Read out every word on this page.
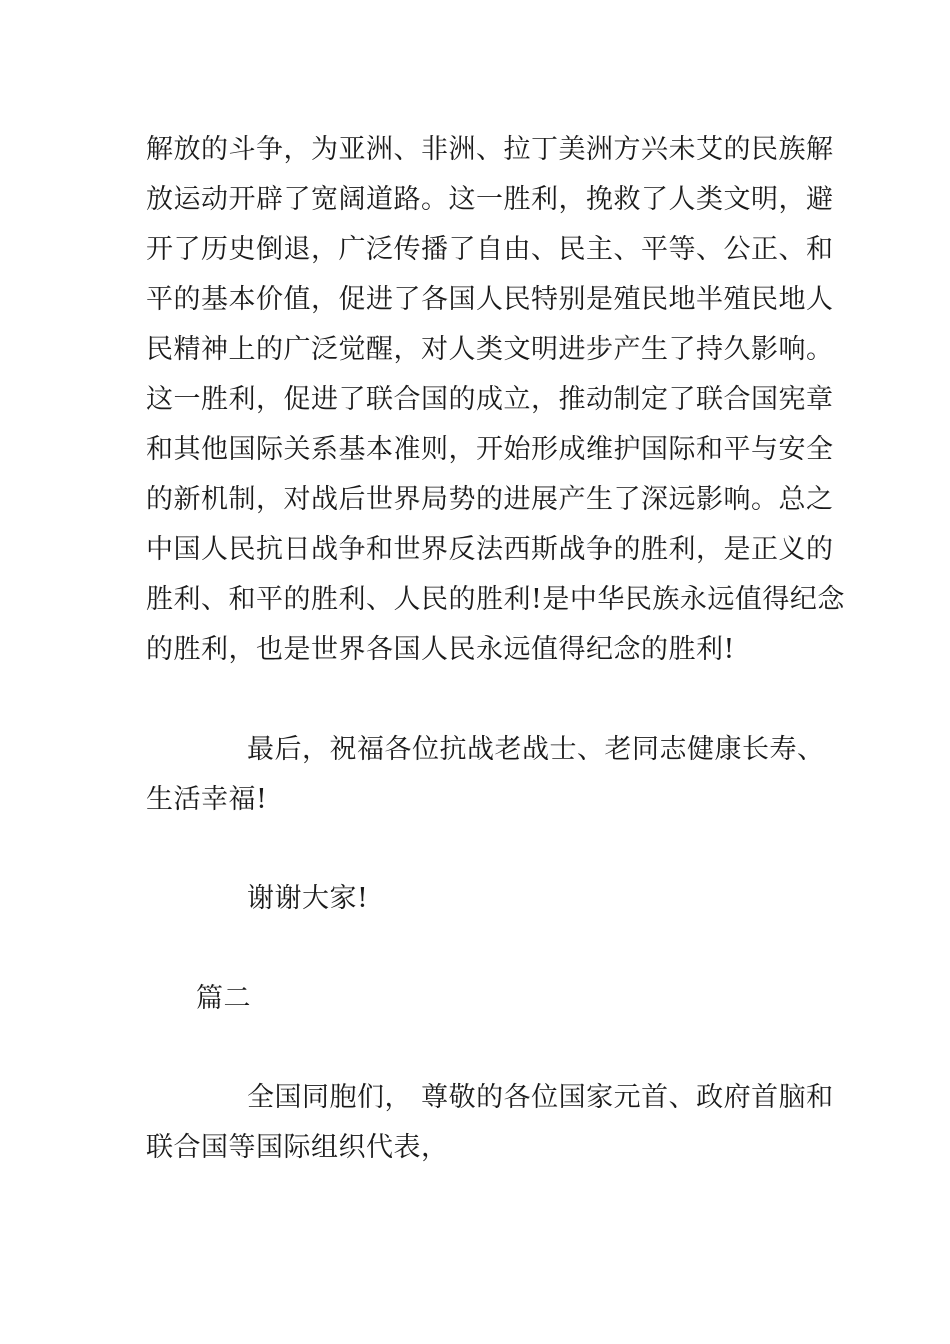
解放的斗争，为亚洲、非洲、拉丁美洲方兴未艾的民族解
放运动开辟了宽阔道路。这一胜利，挽救了人类文明，避
开了历史倒退，广泛传播了自由、民主、平等、公正、和
平的基本价值，促进了各国人民特别是殖民地半殖民地人
民精神上的广泛觉醒，对人类文明进步产生了持久影响。
这一胜利，促进了联合国的成立，推动制定了联合国宪章
和其他国际关系基本准则，开始形成维护国际和平与安全
的新机制，对战后世界局势的进展产生了深远影响。总之
中国人民抗日战争和世界反法西斯战争的胜利，是正义的
胜利、和平的胜利、人民的胜利!是中华民族永远值得纪念
的胜利，也是世界各国人民永远值得纪念的胜利!
最后，祝福各位抗战老战士、老同志健康长寿、
生活幸福!
谢谢大家!
篇二
全国同胞们， 尊敬的各位国家元首、政府首脑和
联合国等国际组织代表，
